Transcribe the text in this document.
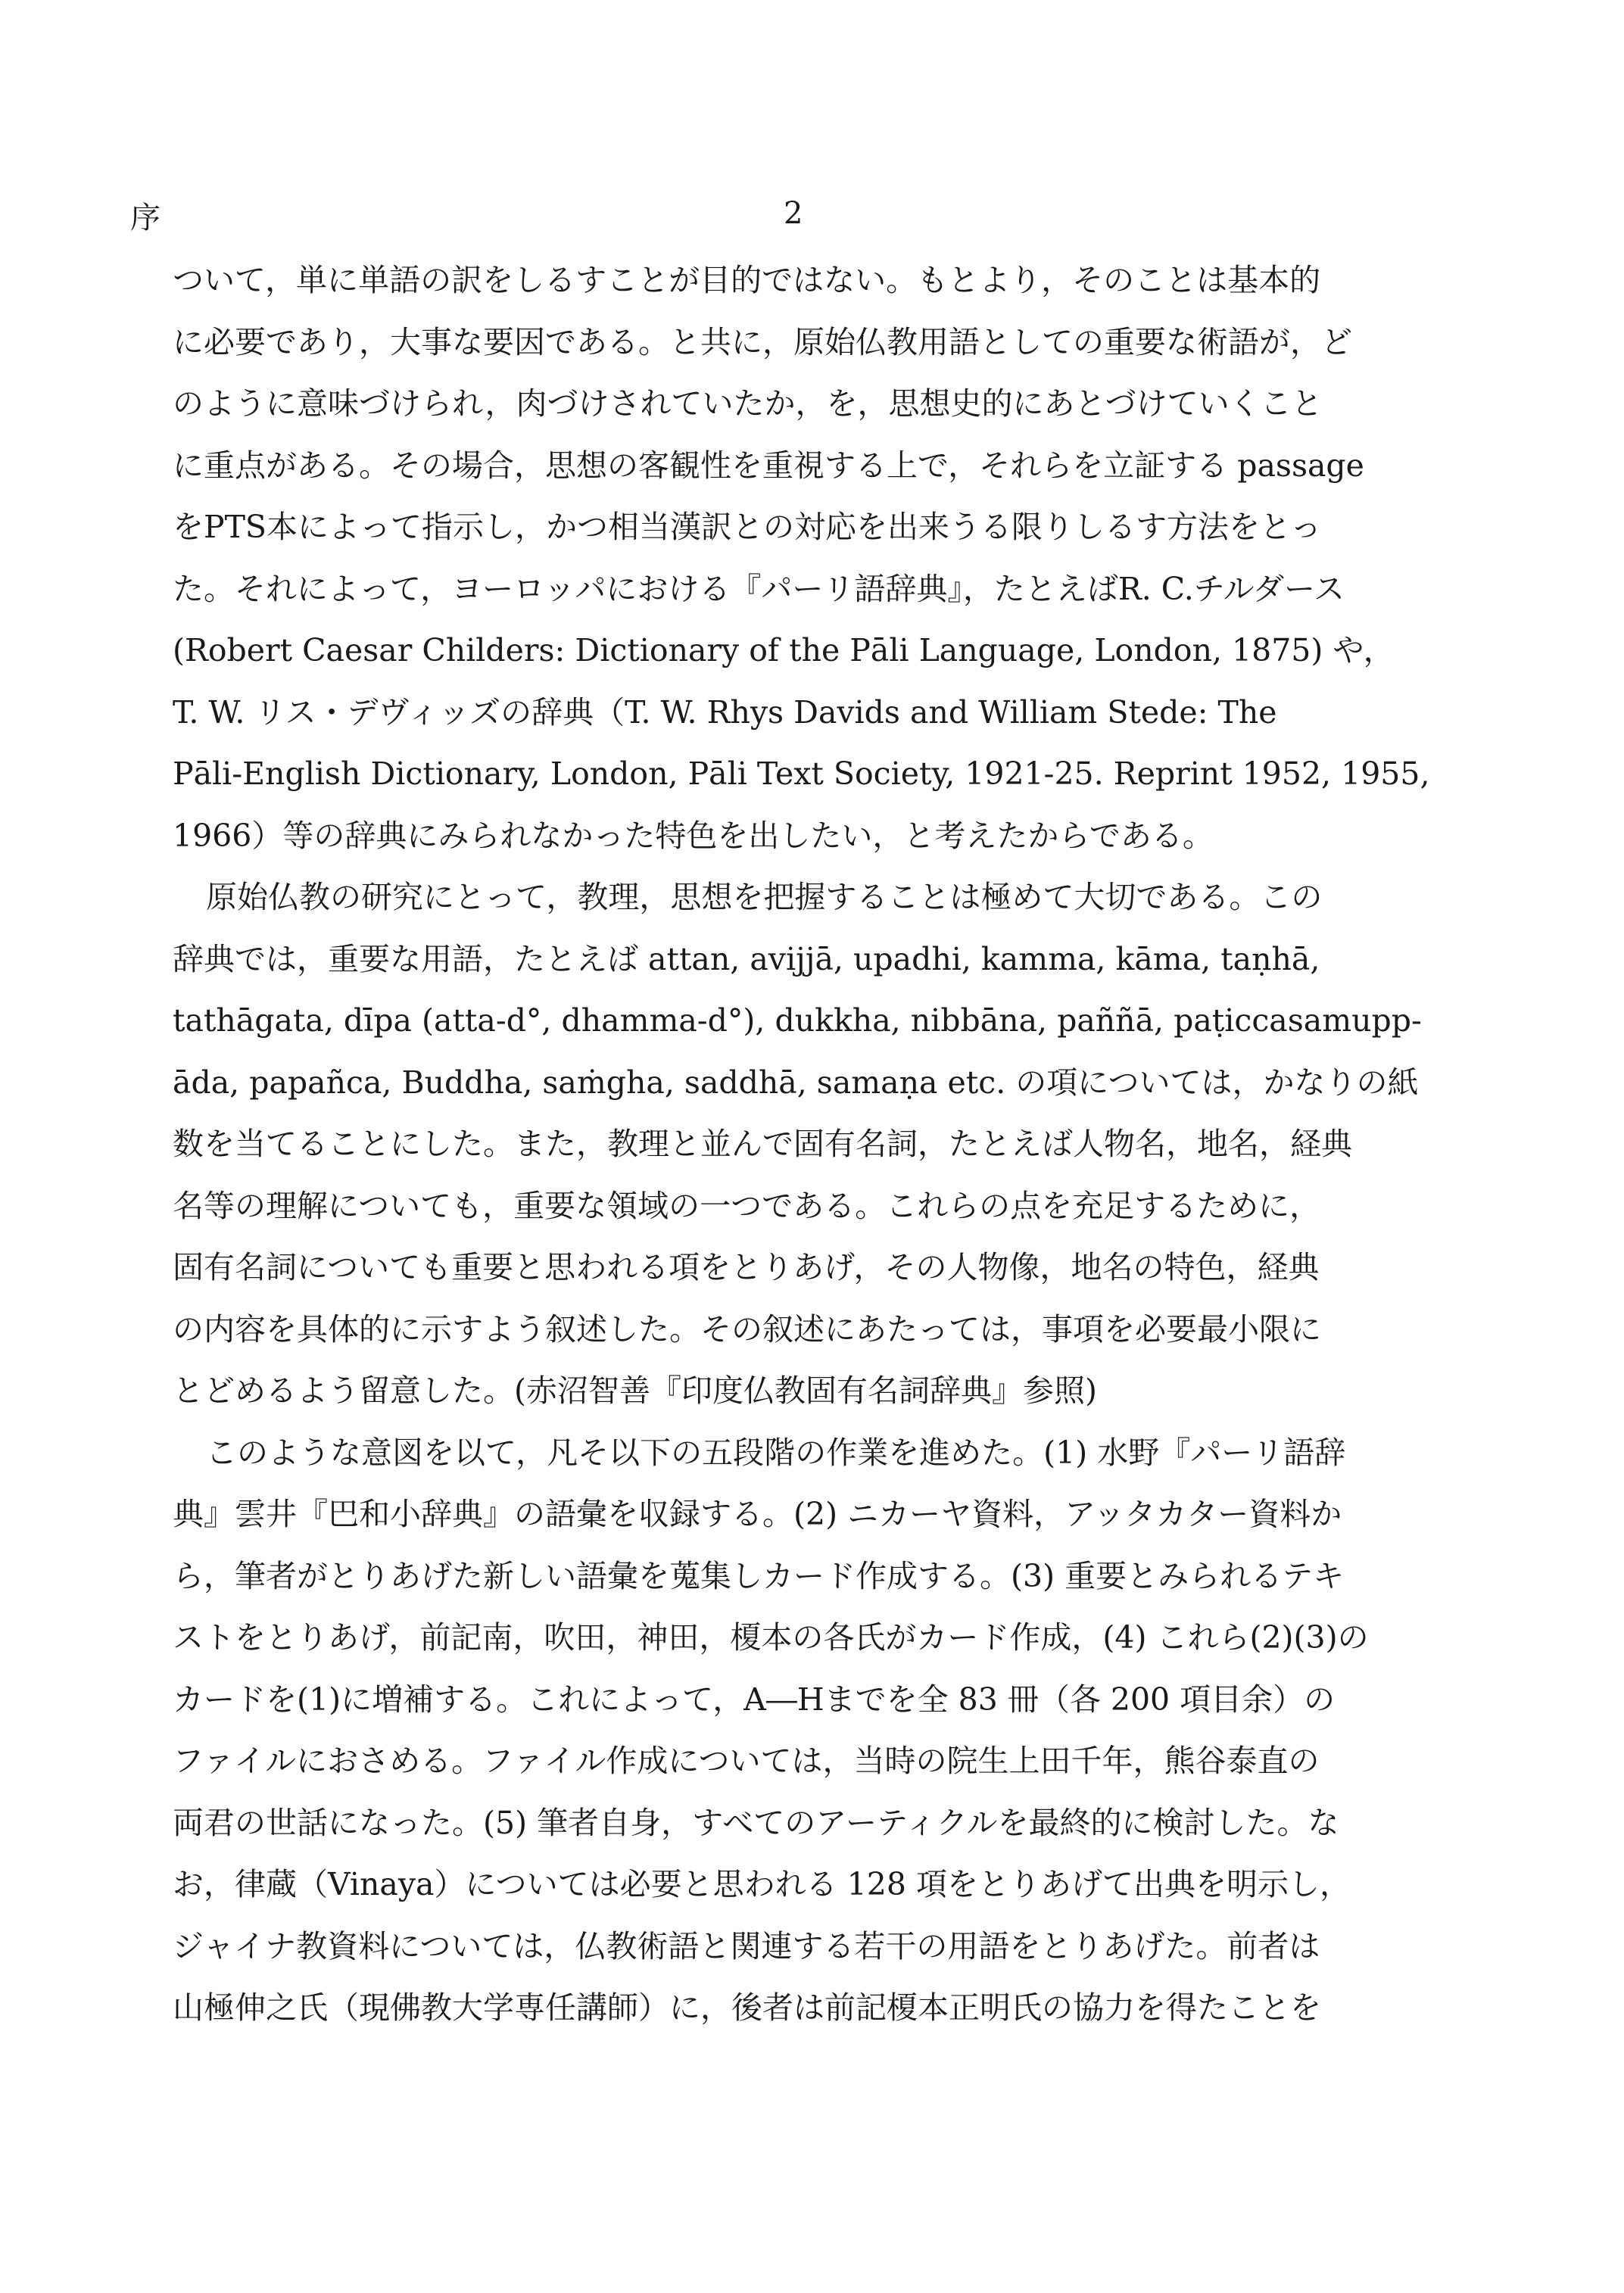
序	2
ついて，単に単語の訳をしるすことが目的ではない。もとより，そのことは基本的
に必要であり，大事な要因である。と共に，原始仏教用語としての重要な術語が，ど
のように意味づけられ，肉づけされていたか，を，思想史的にあとづけていくこと
に重点がある。その場合，思想の客観性を重視する上で，それらを立証する passage
をPTS本によって指示し，かつ相当漢訳との対応を出来うる限りしるす方法をとっ
た。それによって，ヨーロッパにおける『パーリ語辞典』，たとえばR. C.チルダース
(Robert Caesar Childers: Dictionary of the Pāli Language, London, 1875) や，
T. W. リス・デヴィッズの辞典（T. W. Rhys Davids and William Stede: The
Pāli-English Dictionary, London, Pāli Text Society, 1921-25. Reprint 1952, 1955,
1966）等の辞典にみられなかった特色を出したい，と考えたからである。
原始仏教の研究にとって，教理，思想を把握することは極めて大切である。この
辞典では，重要な用語，たとえば attan, avijjā, upadhi, kamma, kāma, taṇhā,
tathāgata, dīpa (atta-d°, dhamma-d°), dukkha, nibbāna, paññā, paṭiccasamupp-
āda, papañca, Buddha, saṁgha, saddhā, samaṇa etc. の項については，かなりの紙
数を当てることにした。また，教理と並んで固有名詞，たとえば人物名，地名，経典
名等の理解についても，重要な領域の一つである。これらの点を充足するために，
固有名詞についても重要と思われる項をとりあげ，その人物像，地名の特色，経典
の内容を具体的に示すよう叙述した。その叙述にあたっては，事項を必要最小限に
とどめるよう留意した。(赤沼智善『印度仏教固有名詞辞典』参照)
このような意図を以て，凡そ以下の五段階の作業を進めた。(1) 水野『パーリ語辞
典』雲井『巴和小辞典』の語彙を収録する。(2) ニカーヤ資料，アッタカター資料か
ら，筆者がとりあげた新しい語彙を蒐集しカード作成する。(3) 重要とみられるテキ
ストをとりあげ，前記南，吹田，神田，榎本の各氏がカード作成，(4) これら(2)(3)の
カードを(1)に増補する。これによって，A―Hまでを全 83 冊（各 200 項目余）の
ファイルにおさめる。ファイル作成については，当時の院生上田千年，熊谷泰直の
両君の世話になった。(5) 筆者自身，すべてのアーティクルを最終的に検討した。な
お，律蔵（Vinaya）については必要と思われる 128 項をとりあげて出典を明示し，
ジャイナ教資料については，仏教術語と関連する若干の用語をとりあげた。前者は
山極伸之氏（現佛教大学専任講師）に，後者は前記榎本正明氏の協力を得たことを
